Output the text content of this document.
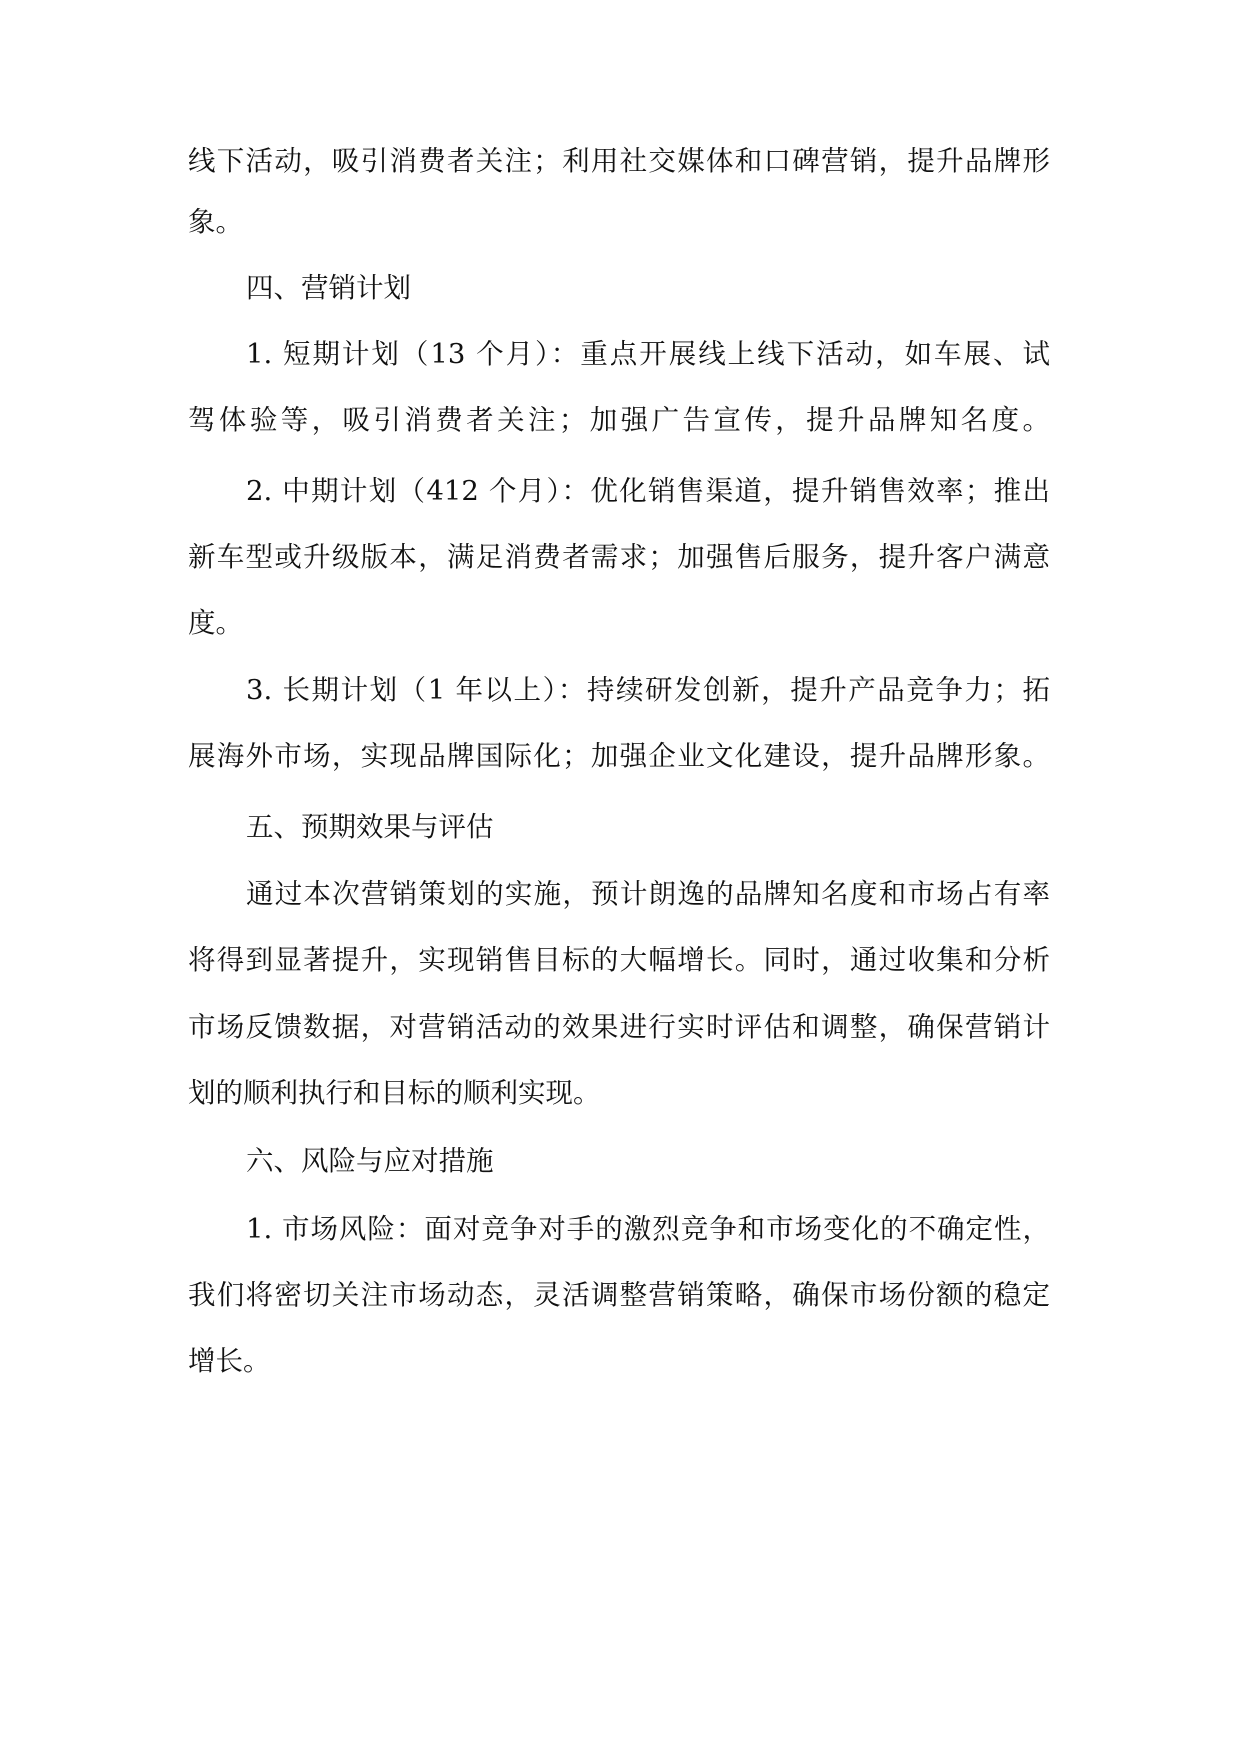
线下活动，吸引消费者关注；利用社交媒体和口碑营销，提升品牌形
象。
四、营销计划
1. 短期计划（13 个月）：重点开展线上线下活动，如车展、试
驾体验等，吸引消费者关注；加强广告宣传，提升品牌知名度。
2. 中期计划（412 个月）：优化销售渠道，提升销售效率；推出
新车型或升级版本，满足消费者需求；加强售后服务，提升客户满意
度。
3. 长期计划（1 年以上）：持续研发创新，提升产品竞争力；拓
展海外市场，实现品牌国际化；加强企业文化建设，提升品牌形象。
五、预期效果与评估
通过本次营销策划的实施，预计朗逸的品牌知名度和市场占有率
将得到显著提升，实现销售目标的大幅增长。同时，通过收集和分析
市场反馈数据，对营销活动的效果进行实时评估和调整，确保营销计
划的顺利执行和目标的顺利实现。
六、风险与应对措施
1. 市场风险：面对竞争对手的激烈竞争和市场变化的不确定性，
我们将密切关注市场动态，灵活调整营销策略，确保市场份额的稳定
增长。
